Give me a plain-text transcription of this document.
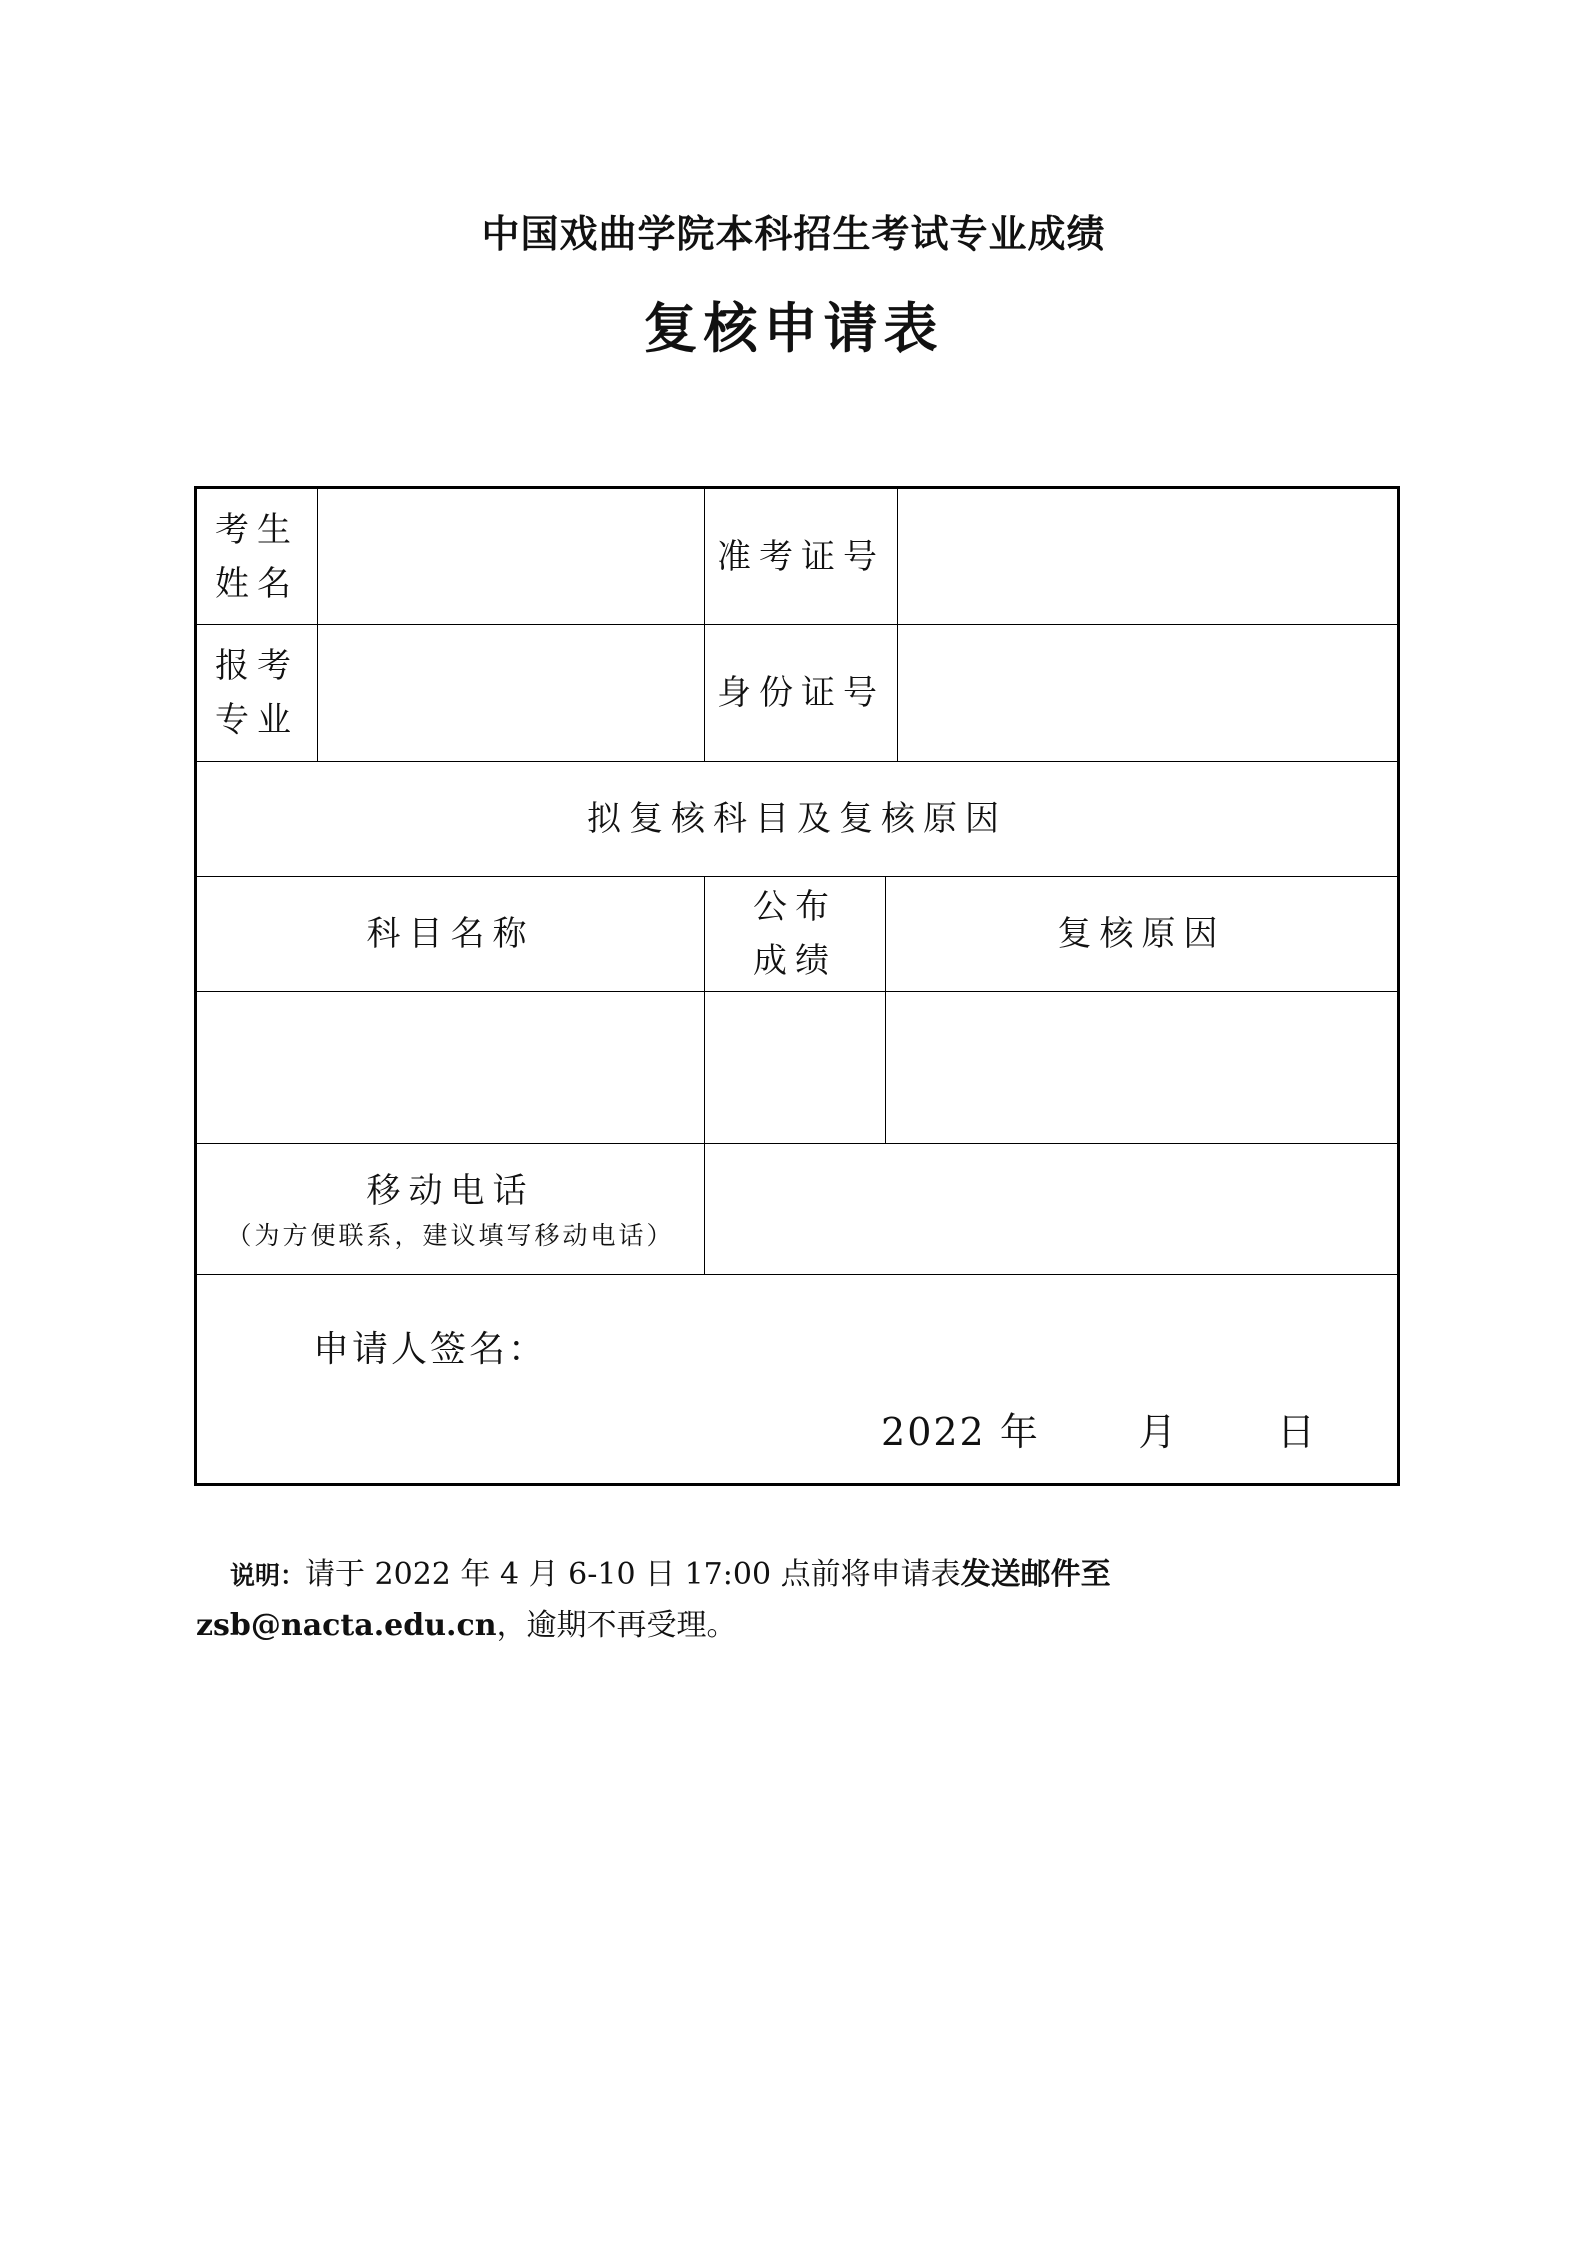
中国戏曲学院本科招生考试专业成绩
复核申请表
考生
姓名
准考证号
报考
专业
身份证号
拟复核科目及复核原因
科目名称
公布
成绩
复核原因
移动电话
（为方便联系，建议填写移动电话）
申请人签名：
2022 年	月	日
说明：请于 2022 年 4 月 6-10 日 17:00 点前将申请表发送邮件至 zsb@nacta.edu.cn，逾期不再受理。
